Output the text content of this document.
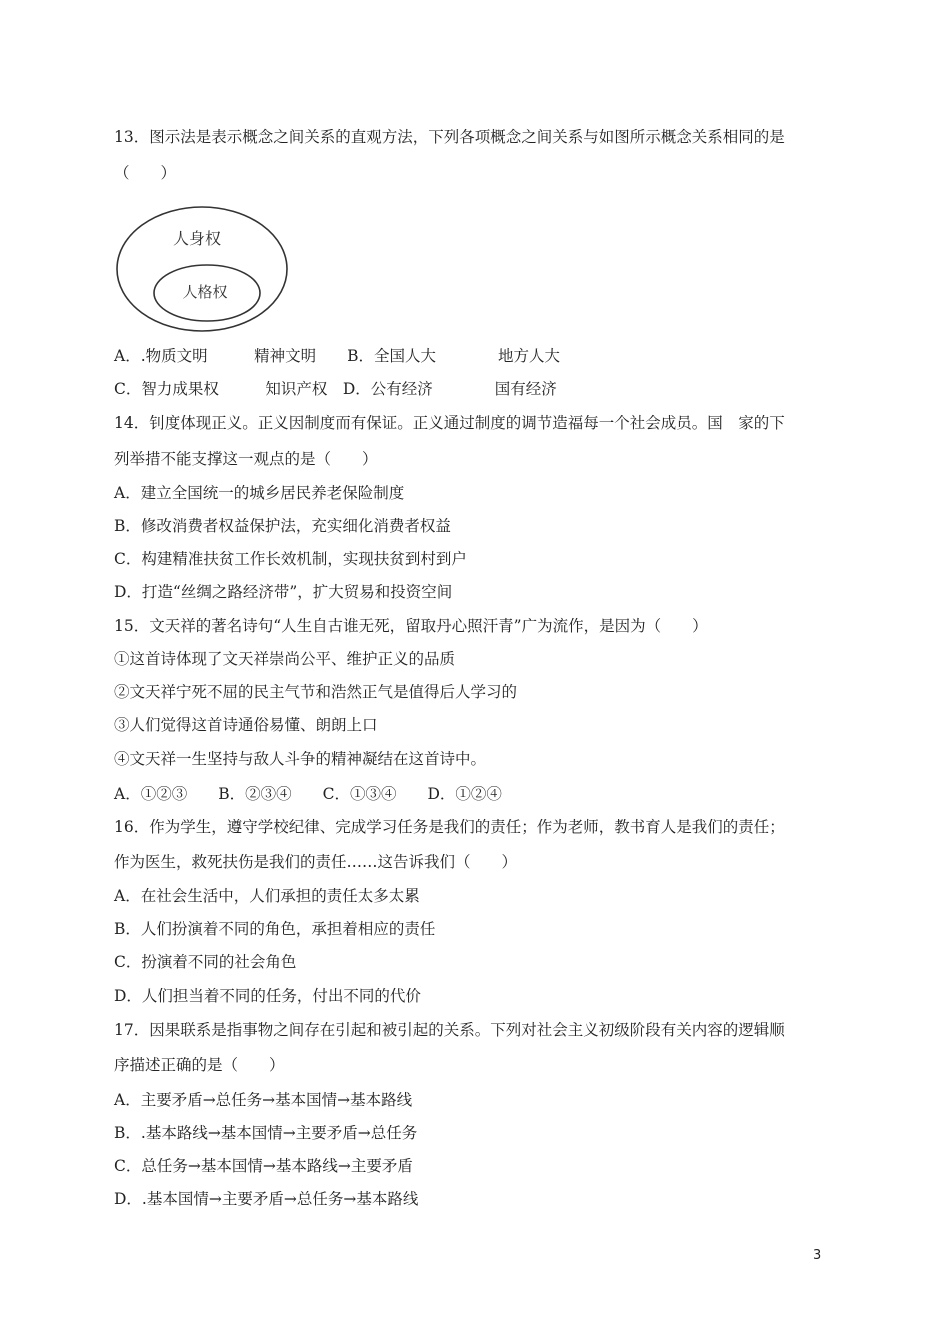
13．图示法是表示概念之间关系的直观方法，下列各项概念之间关系与如图所示概念关系相同的是
（　　）
人身权
人格权
A．.物质文明　　　精神文明　　B．全国人大　　　　地方人大
C．智力成果权　　　知识产权　D．公有经济　　　　国有经济
14．钊度体现正义。正义因制度而有保证。正义通过制度的调节造福每一个社会成员。国　家的下
列举措不能支撑这一观点的是（　　）
A．建立全国统一的城乡居民养老保险制度
B．修改消费者权益保护法，充实细化消费者权益
C．构建精准扶贫工作长效机制，实现扶贫到村到户
D．打造“丝绸之路经济带”，扩大贸易和投资空间
15．文天祥的著名诗句“人生自古谁无死，留取丹心照汗青”广为流作，是因为（　　）
①这首诗体现了文天祥崇尚公平、维护正义的品质
②文天祥宁死不屈的民主气节和浩然正气是值得后人学习的
③人们觉得这首诗通俗易懂、朗朗上口
④文天祥一生坚持与敌人斗争的精神凝结在这首诗中。
A．①②③　　B．②③④　　C．①③④　　D．①②④
16．作为学生，遵守学校纪律、完成学习任务是我们的责任；作为老师，教书育人是我们的责任；
作为医生，救死扶伤是我们的责任……这告诉我们（　　）
A．在社会生活中，人们承担的责任太多太累
B．人们扮演着不同的角色，承担着相应的责任
C．扮演着不同的社会角色
D．人们担当着不同的任务，付出不同的代价
17．因果联系是指事物之间存在引起和被引起的关系。下列对社会主义初级阶段有关内容的逻辑顺
序描述正确的是（　　）
A．主要矛盾→总任务→基本国情→基本路线
B．.基本路线→基本国情→主要矛盾→总任务
C．总任务→基本国情→基本路线→主要矛盾
D．.基本国情→主要矛盾→总任务→基本路线
3
